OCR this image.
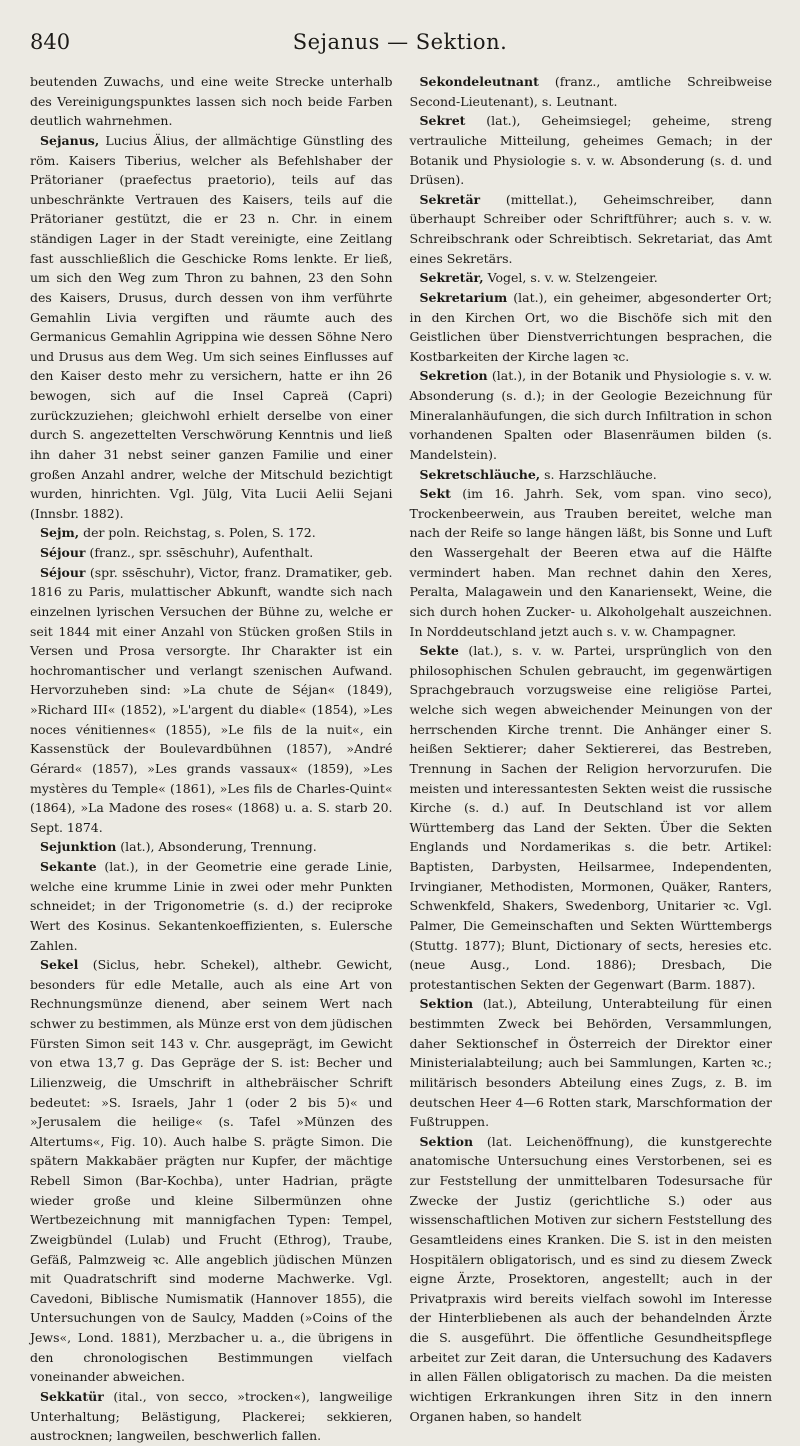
840	Sejanus — Sektion.

beutenden Zuwachs, und eine weite Strecke unterhalb des Vereinigungspunktes lassen sich noch beide Farben deutlich wahrnehmen.

Sejanus, Lucius Älius, der allmächtige Günstling des röm. Kaisers Tiberius, welcher als Befehlshaber der Prätorianer (praefectus praetorio), teils auf das unbeschränkte Vertrauen des Kaisers, teils auf die Prätorianer gestützt, die er 23 n. Chr. in einem ständigen Lager in der Stadt vereinigte, eine Zeitlang fast ausschließlich die Geschicke Roms lenkte. Er ließ, um sich den Weg zum Thron zu bahnen, 23 den Sohn des Kaisers, Drusus, durch dessen von ihm verführte Gemahlin Livia vergiften und räumte auch des Germanicus Gemahlin Agrippina wie dessen Söhne Nero und Drusus aus dem Weg. Um sich seines Einflusses auf den Kaiser desto mehr zu versichern, hatte er ihn 26 bewogen, sich auf die Insel Capreä (Capri) zurückzuziehen; gleichwohl erhielt derselbe von einer durch S. angezettelten Verschwörung Kenntnis und ließ ihn daher 31 nebst seiner ganzen Familie und einer großen Anzahl andrer, welche der Mitschuld bezichtigt wurden, hinrichten. Vgl. Jülg, Vita Lucii Aelii Sejani (Innsbr. 1882).

Sejm, der poln. Reichstag, s. Polen, S. 172.

Séjour (franz., spr. ssēschuhr), Aufenthalt.

Séjour (spr. ssēschuhr), Victor, franz. Dramatiker, geb. 1816 zu Paris, mulattischer Abkunft, wandte sich nach einzelnen lyrischen Versuchen der Bühne zu, welche er seit 1844 mit einer Anzahl von Stücken großen Stils in Versen und Prosa versorgte. Ihr Charakter ist ein hochromantischer und verlangt szenischen Aufwand. Hervorzuheben sind: »La chute de Séjan« (1849), »Richard III« (1852), »L'argent du diable« (1854), »Les noces vénitiennes« (1855), »Le fils de la nuit«, ein Kassenstück der Boulevardbühnen (1857), »André Gérard« (1857), »Les grands vassaux« (1859), »Les mystères du Temple« (1861), »Les fils de Charles-Quint« (1864), »La Madone des roses« (1868) u. a. S. starb 20. Sept. 1874.

Sejunktion (lat.), Absonderung, Trennung.

Sekante (lat.), in der Geometrie eine gerade Linie, welche eine krumme Linie in zwei oder mehr Punkten schneidet; in der Trigonometrie (s. d.) der reciproke Wert des Kosinus. Sekantenkoeffizienten, s. Eulersche Zahlen.

Sekel (Siclus, hebr. Schekel), althebr. Gewicht, besonders für edle Metalle, auch als eine Art von Rechnungsmünze dienend, aber seinem Wert nach schwer zu bestimmen, als Münze erst von dem jüdischen Fürsten Simon seit 143 v. Chr. ausgeprägt, im Gewicht von etwa 13,7 g. Das Gepräge der S. ist: Becher und Lilienzweig, die Umschrift in althebräischer Schrift bedeutet: »S. Israels, Jahr 1 (oder 2 bis 5)« und »Jerusalem die heilige« (s. Tafel »Münzen des Altertums«, Fig. 10). Auch halbe S. prägte Simon. Die spätern Makkabäer prägten nur Kupfer, der mächtige Rebell Simon (Bar-Kochba), unter Hadrian, prägte wieder große und kleine Silbermünzen ohne Wertbezeichnung mit mannigfachen Typen: Tempel, Zweigbündel (Lulab) und Frucht (Ethrog), Traube, Gefäß, Palmzweig ꝛc. Alle angeblich jüdischen Münzen mit Quadratschrift sind moderne Machwerke. Vgl. Cavedoni, Biblische Numismatik (Hannover 1855), die Untersuchungen von de Saulcy, Madden (»Coins of the Jews«, Lond. 1881), Merzbacher u. a., die übrigens in den chronologischen Bestimmungen vielfach voneinander abweichen.

Sekkatür (ital., von secco, »trocken«), langweilige Unterhaltung; Belästigung, Plackerei; sekkieren, austrocknen; langweilen, beschwerlich fallen.

Sekondeleutnant (franz., amtliche Schreibweise Second-Lieutenant), s. Leutnant.

Sekret (lat.), Geheimsiegel; geheime, streng vertrauliche Mitteilung, geheimes Gemach; in der Botanik und Physiologie s. v. w. Absonderung (s. d. und Drüsen).

Sekretär (mittellat.), Geheimschreiber, dann überhaupt Schreiber oder Schriftführer; auch s. v. w. Schreibschrank oder Schreibtisch. Sekretariat, das Amt eines Sekretärs.

Sekretär, Vogel, s. v. w. Stelzengeier.

Sekretarium (lat.), ein geheimer, abgesonderter Ort; in den Kirchen Ort, wo die Bischöfe sich mit den Geistlichen über Dienstverrichtungen besprachen, die Kostbarkeiten der Kirche lagen ꝛc.

Sekretion (lat.), in der Botanik und Physiologie s. v. w. Absonderung (s. d.); in der Geologie Bezeichnung für Mineralanhäufungen, die sich durch Infiltration in schon vorhandenen Spalten oder Blasenräumen bilden (s. Mandelstein).

Sekretschläuche, s. Harzschläuche.

Sekt (im 16. Jahrh. Sek, vom span. vino seco), Trockenbeerwein, aus Trauben bereitet, welche man nach der Reife so lange hängen läßt, bis Sonne und Luft den Wassergehalt der Beeren etwa auf die Hälfte vermindert haben. Man rechnet dahin den Xeres, Peralta, Malagawein und den Kanariensekt, Weine, die sich durch hohen Zucker- u. Alkoholgehalt auszeichnen. In Norddeutschland jetzt auch s. v. w. Champagner.

Sekte (lat.), s. v. w. Partei, ursprünglich von den philosophischen Schulen gebraucht, im gegenwärtigen Sprachgebrauch vorzugsweise eine religiöse Partei, welche sich wegen abweichender Meinungen von der herrschenden Kirche trennt. Die Anhänger einer S. heißen Sektierer; daher Sektiererei, das Bestreben, Trennung in Sachen der Religion hervorzurufen. Die meisten und interessantesten Sekten weist die russische Kirche (s. d.) auf. In Deutschland ist vor allem Württemberg das Land der Sekten. Über die Sekten Englands und Nordamerikas s. die betr. Artikel: Baptisten, Darbysten, Heilsarmee, Independenten, Irvingianer, Methodisten, Mormonen, Quäker, Ranters, Schwenkfeld, Shakers, Swedenborg, Unitarier ꝛc. Vgl. Palmer, Die Gemeinschaften und Sekten Württembergs (Stuttg. 1877); Blunt, Dictionary of sects, heresies etc. (neue Ausg., Lond. 1886); Dresbach, Die protestantischen Sekten der Gegenwart (Barm. 1887).

Sektion (lat.), Abteilung, Unterabteilung für einen bestimmten Zweck bei Behörden, Versammlungen, daher Sektionschef in Österreich der Direktor einer Ministerialabteilung; auch bei Sammlungen, Karten ꝛc.; militärisch besonders Abteilung eines Zugs, z. B. im deutschen Heer 4—6 Rotten stark, Marschformation der Fußtruppen.

Sektion (lat. Leichenöffnung), die kunstgerechte anatomische Untersuchung eines Verstorbenen, sei es zur Feststellung der unmittelbaren Todesursache für Zwecke der Justiz (gerichtliche S.) oder aus wissenschaftlichen Motiven zur sichern Feststellung des Gesamtleidens eines Kranken. Die S. ist in den meisten Hospitälern obligatorisch, und es sind zu diesem Zweck eigne Ärzte, Prosektoren, angestellt; auch in der Privatpraxis wird bereits vielfach sowohl im Interesse der Hinterbliebenen als auch der behandelnden Ärzte die S. ausgeführt. Die öffentliche Gesundheitspflege arbeitet zur Zeit daran, die Untersuchung des Kadavers in allen Fällen obligatorisch zu machen. Da die meisten wichtigen Erkrankungen ihren Sitz in den innern Organen haben, so handelt
